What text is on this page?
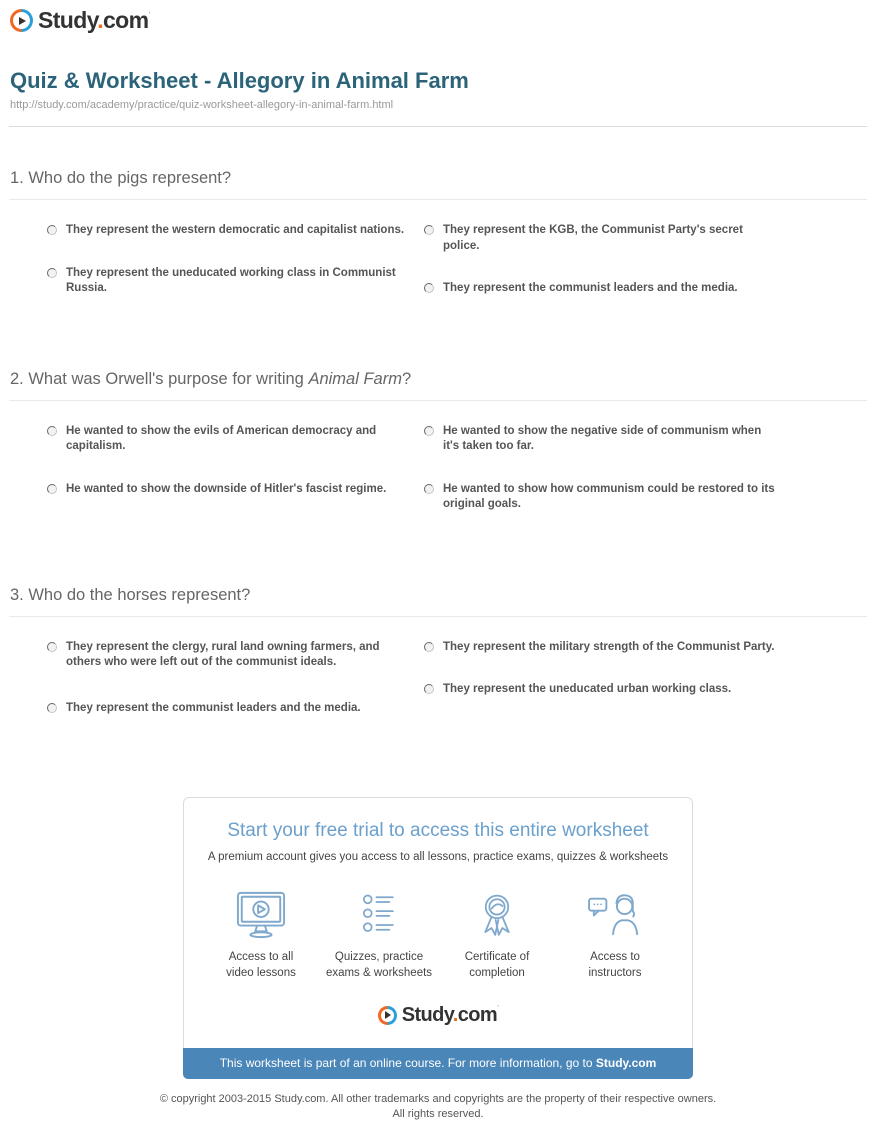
Study.com’
Quiz & Worksheet - Allegory in Animal Farm
http://study.com/academy/practice/quiz-worksheet-allegory-in-animal-farm.html
1. Who do the pigs represent?
They represent the western democratic and capitalist nations.
They represent the uneducated working class in Communist Russia.
They represent the KGB, the Communist Party's secret police.
They represent the communist leaders and the media.
2. What was Orwell's purpose for writing Animal Farm?
He wanted to show the evils of American democracy and capitalism.
He wanted to show the downside of Hitler's fascist regime.
He wanted to show the negative side of communism when it's taken too far.
He wanted to show how communism could be restored to its original goals.
3. Who do the horses represent?
They represent the clergy, rural land owning farmers, and others who were left out of the communist ideals.
They represent the communist leaders and the media.
They represent the military strength of the Communist Party.
They represent the uneducated urban working class.
Start your free trial to access this entire worksheet
A premium account gives you access to all lessons, practice exams, quizzes & worksheets
Access to all
video lessons
Quizzes, practice
exams & worksheets
Certificate of
completion
Access to
instructors
Study.com’
This worksheet is part of an online course. For more information, go to Study.com
© copyright 2003-2015 Study.com. All other trademarks and copyrights are the property of their respective owners.
All rights reserved.
